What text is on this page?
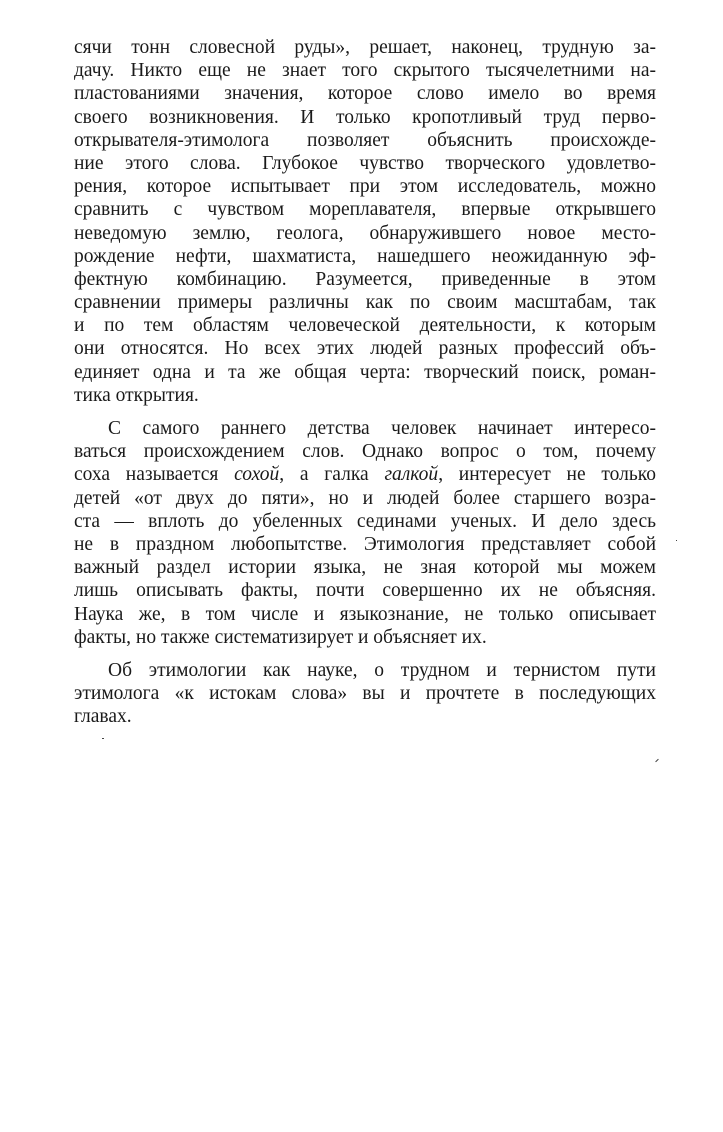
сячи тонн словесной руды», решает, наконец, трудную за-
дачу. Никто еще не знает того скрытого тысячелетними на-
пластованиями значения, которое слово имело во время
своего возникновения. И только кропотливый труд перво-
открывателя-этимолога позволяет объяснить происхожде-
ние этого слова. Глубокое чувство творческого удовлетво-
рения, которое испытывает при этом исследователь, можно
сравнить с чувством мореплавателя, впервые открывшего
неведомую землю, геолога, обнаружившего новое место-
рождение нефти, шахматиста, нашедшего неожиданную эф-
фектную комбинацию. Разумеется, приведенные в этом
сравнении примеры различны как по своим масштабам, так
и по тем областям человеческой деятельности, к которым
они относятся. Но всех этих людей разных профессий объ-
единяет одна и та же общая черта: творческий поиск, роман-
тика открытия.
С самого раннего детства человек начинает интересо-
ваться происхождением слов. Однако вопрос о том, почему
соха называется сохой, а галка галкой, интересует не только
детей «от двух до пяти», но и людей более старшего возра-
ста — вплоть до убеленных сединами ученых. И дело здесь
не в праздном любопытстве. Этимология представляет собой
важный раздел истории языка, не зная которой мы можем
лишь описывать факты, почти совершенно их не объясняя.
Наука же, в том числе и языкознание, не только описывает
факты, но также систематизирует и объясняет их.
Об этимологии как науке, о трудном и тернистом пути
этимолога «к истокам слова» вы и прочтете в последующих
главах.
